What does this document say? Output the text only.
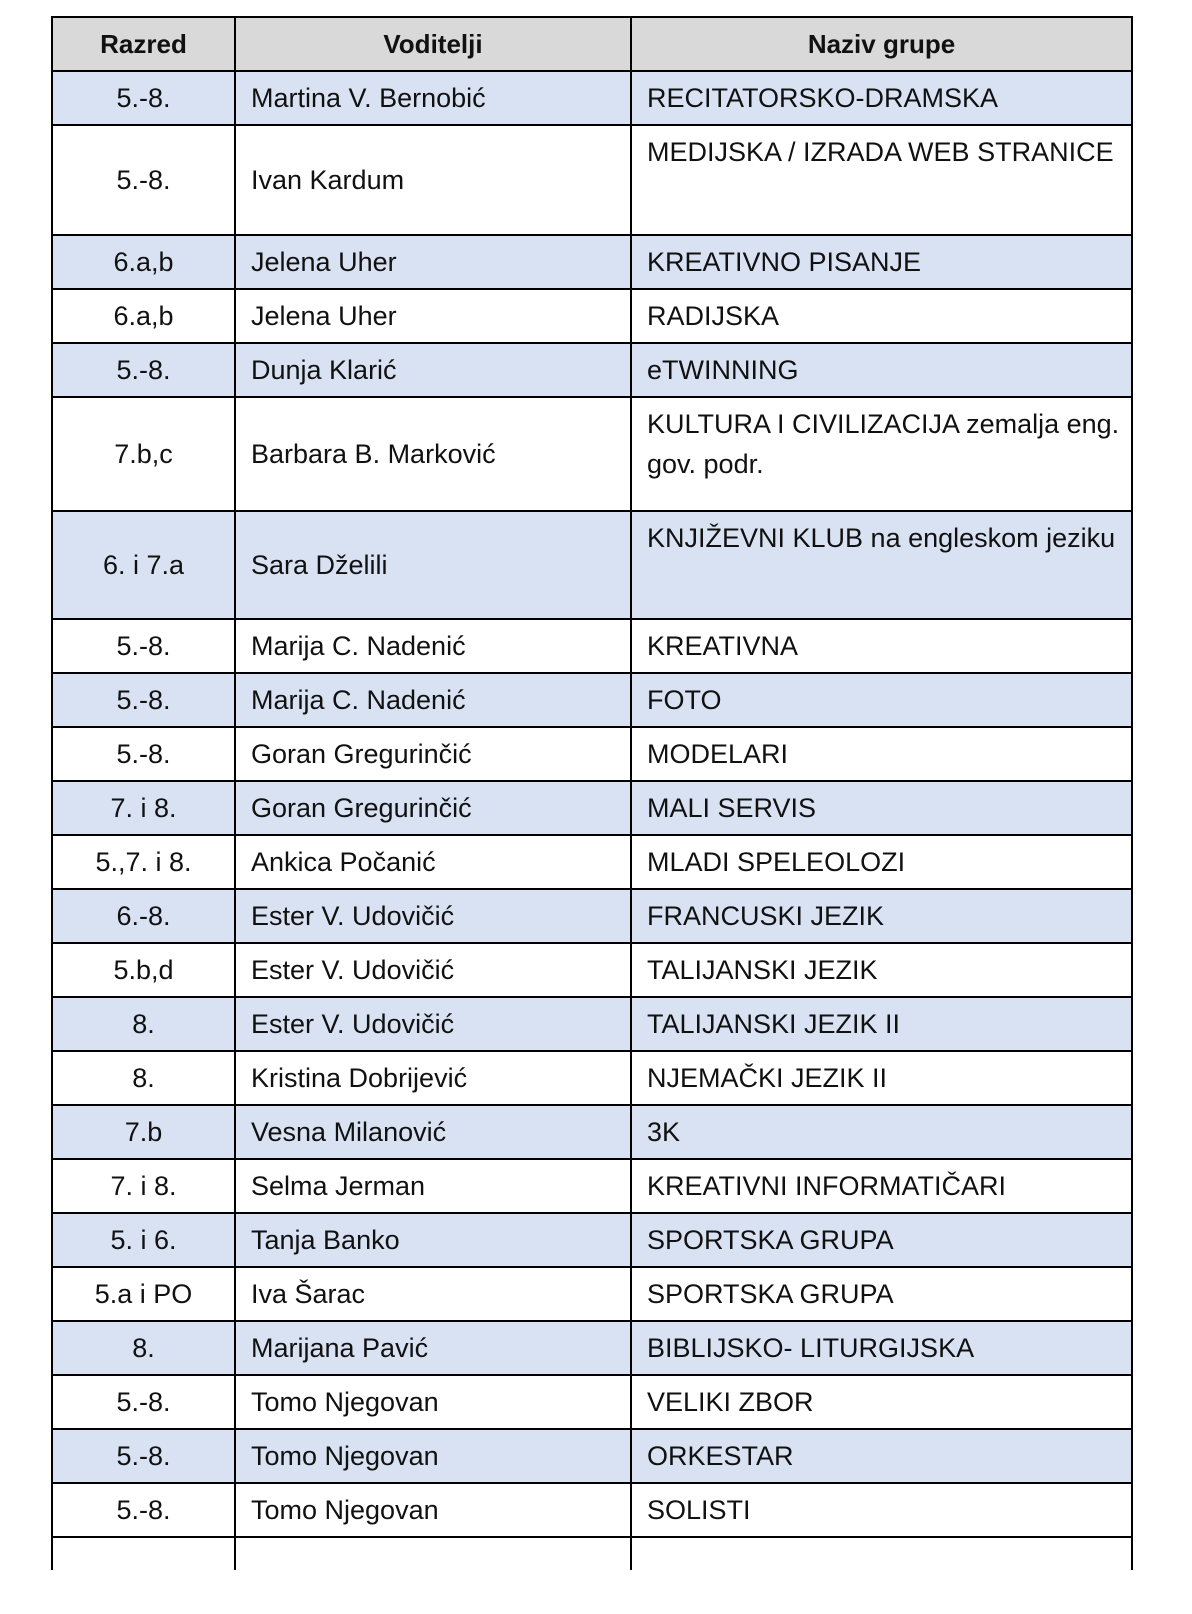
Razred	Voditelji	Naziv grupe
5.-8.	Martina V. Bernobić	RECITATORSKO-DRAMSKA
5.-8.	Ivan Kardum	MEDIJSKA / IZRADA WEB STRANICE
6.a,b	Jelena Uher	KREATIVNO PISANJE
6.a,b	Jelena Uher	RADIJSKA
5.-8.	Dunja Klarić	eTWINNING
7.b,c	Barbara B. Marković	KULTURA I CIVILIZACIJA zemalja eng. gov. podr.
6. i 7.a	Sara Dželili	KNJIŽEVNI KLUB na engleskom jeziku
5.-8.	Marija C. Nadenić	KREATIVNA
5.-8.	Marija C. Nadenić	FOTO
5.-8.	Goran Gregurinčić	MODELARI
7. i 8.	Goran Gregurinčić	MALI SERVIS
5.,7. i 8.	Ankica Počanić	MLADI SPELEOLOZI
6.-8.	Ester V. Udovičić	FRANCUSKI JEZIK
5.b,d	Ester V. Udovičić	TALIJANSKI JEZIK
8.	Ester V. Udovičić	TALIJANSKI JEZIK II
8.	Kristina Dobrijević	NJEMAČKI JEZIK II
7.b	Vesna Milanović	3K
7. i 8.	Selma Jerman	KREATIVNI INFORMATIČARI
5. i 6.	Tanja Banko	SPORTSKA GRUPA
5.a i PO	Iva Šarac	SPORTSKA GRUPA
8.	Marijana Pavić	BIBLIJSKO- LITURGIJSKA
5.-8.	Tomo Njegovan	VELIKI ZBOR
5.-8.	Tomo Njegovan	ORKESTAR
5.-8.	Tomo Njegovan	SOLISTI
